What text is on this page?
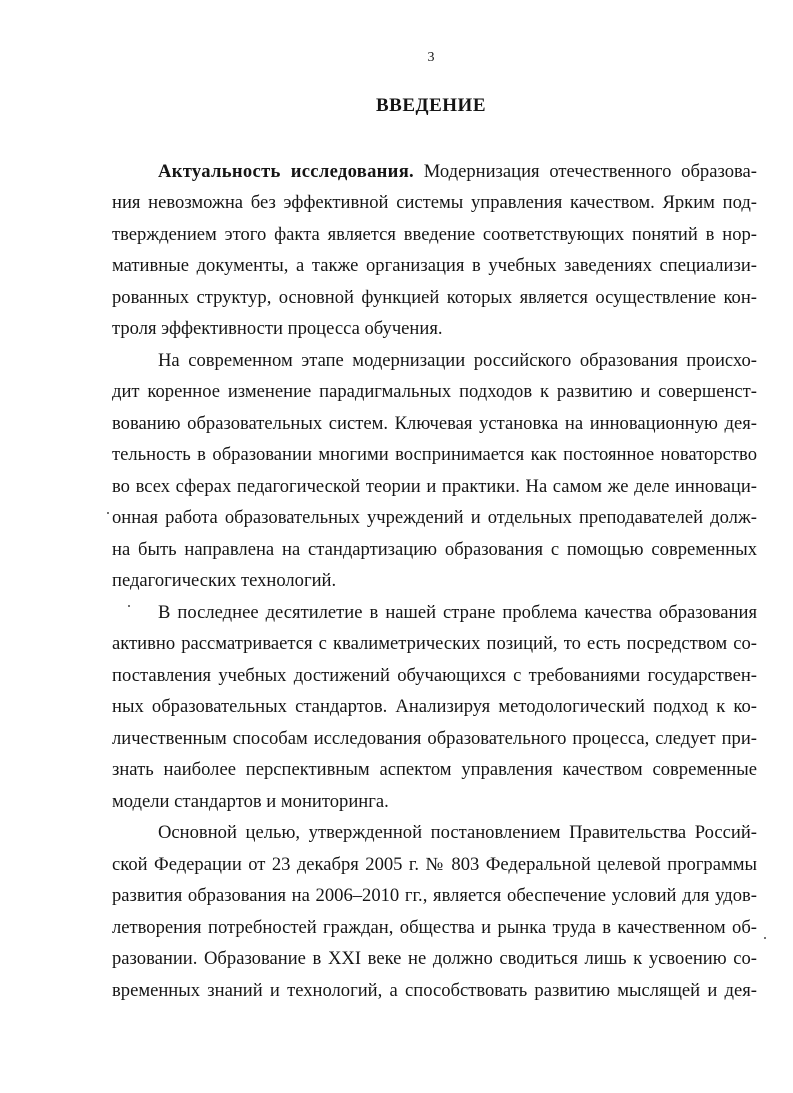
3
ВВЕДЕНИЕ
Актуальность исследования. Модернизация отечественного образова-
ния невозможна без эффективной системы управления качеством. Ярким под-
тверждением этого факта является введение соответствующих понятий в нор-
мативные документы, а также организация в учебных заведениях специализи-
рованных структур, основной функцией которых является осуществление кон-
троля эффективности процесса обучения.
На современном этапе модернизации российского образования происхо-
дит коренное изменение парадигмальных подходов к развитию и совершенст-
вованию образовательных систем. Ключевая установка на инновационную дея-
тельность в образовании многими воспринимается как постоянное новаторство
во всех сферах педагогической теории и практики. На самом же деле инноваци-
онная работа образовательных учреждений и отдельных преподавателей долж-
на быть направлена на стандартизацию образования с помощью современных
педагогических технологий.
В последнее десятилетие в нашей стране проблема качества образования
активно рассматривается с квалиметрических позиций, то есть посредством со-
поставления учебных достижений обучающихся с требованиями государствен-
ных образовательных стандартов. Анализируя методологический подход к ко-
личественным способам исследования образовательного процесса, следует при-
знать наиболее перспективным аспектом управления качеством современные
модели стандартов и мониторинга.
Основной целью, утвержденной постановлением Правительства Россий-
ской Федерации от 23 декабря 2005 г. № 803 Федеральной целевой программы
развития образования на 2006–2010 гг., является обеспечение условий для удов-
летворения потребностей граждан, общества и рынка труда в качественном об-
разовании. Образование в XXI веке не должно сводиться лишь к усвоению со-
временных знаний и технологий, а способствовать развитию мыслящей и дея-
